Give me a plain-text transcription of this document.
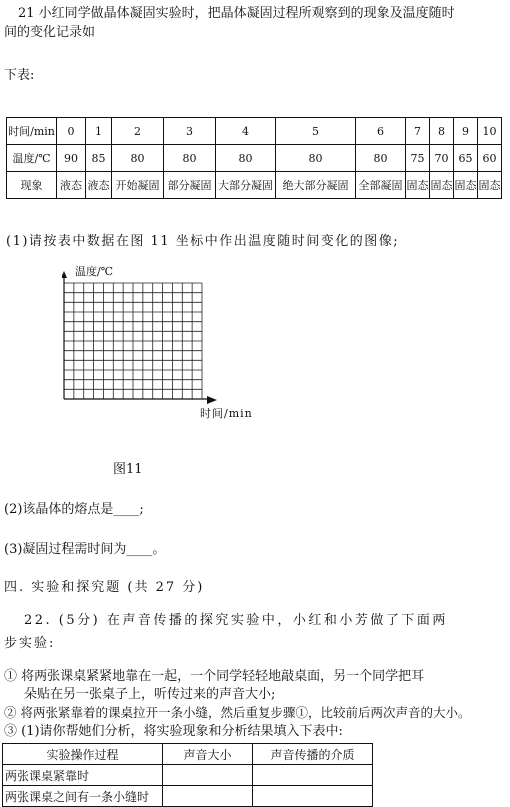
21 小红同学做晶体凝固实验时，把晶体凝固过程所观察到的现象及温度随时
间的变化记录如
下表:
时间/min	0	1	2	3	4	5	6	7	8	9	10
温度/℃	90	85	80	80	80	80	80	75	70	65	60
现象	液态	液态	开始凝固	部分凝固	大部分凝固	绝大部分凝固	全部凝固	固态	固态	固态	固态
(1)请按表中数据在图 11 坐标中作出温度随时间变化的图像;
温度/℃
时间/min
图11
(2)该晶体的熔点是____;
(3)凝固过程需时间为____。
四. 实验和探究题 (共 27 分)
22. (5分) 在声音传播的探究实验中，小红和小芳做了下面两
步实验:
① 将两张课桌紧紧地靠在一起，一个同学轻轻地敲桌面，另一个同学把耳
朵贴在另一张桌子上，听传过来的声音大小;
② 将两张紧靠着的课桌拉开一条小缝，然后重复步骤①，比较前后两次声音的大小。
③ (1)请你帮她们分析，将实验现象和分析结果填入下表中:
实验操作过程	声音大小	声音传播的介质
两张课桌紧靠时		
两张课桌之间有一条小缝时		
